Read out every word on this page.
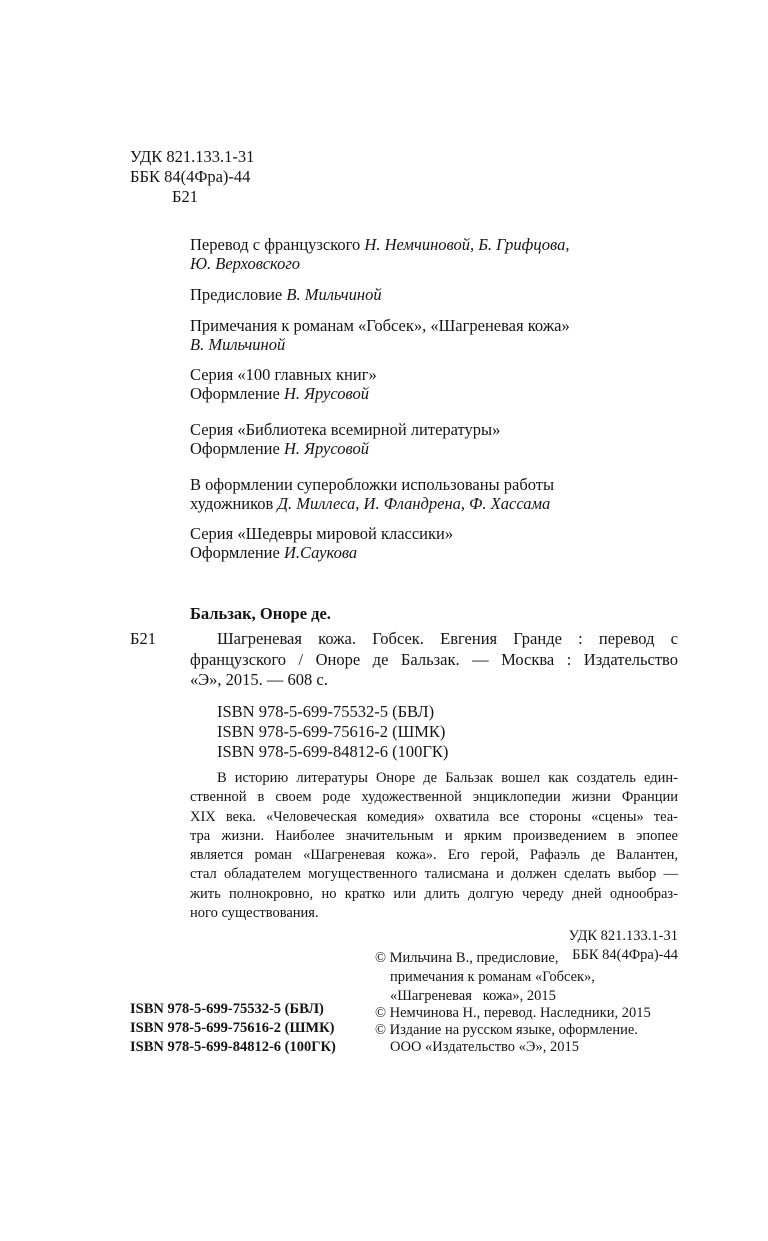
УДК 821.133.1-31
ББК 84(4Фра)-44
Б21
Перевод с французского Н. Немчиновой, Б. Грифцова,
Ю. Верховского
Предисловие В. Мильчиной
Примечания к романам «Гобсек», «Шагреневая кожа»
В. Мильчиной
Серия «100 главных книг»
Оформление Н. Ярусовой
Серия «Библиотека всемирной литературы»
Оформление Н. Ярусовой
В оформлении суперобложки использованы работы
художников Д. Миллеса, И. Фландрена, Ф. Хассама
Серия «Шедевры мировой классики»
Оформление И.Саукова
Бальзак, Оноре де.
Б21	Шагреневая кожа. Гобсек. Евгения Гранде : перевод с
французского / Оноре де Бальзак. — Москва : Издательство
«Э», 2015. — 608 с.
ISBN 978-5-699-75532-5 (БВЛ)
ISBN 978-5-699-75616-2 (ШМК)
ISBN 978-5-699-84812-6 (100ГК)
В историю литературы Оноре де Бальзак вошел как создатель един-
ственной в своем роде художественной энциклопедии жизни Франции
XIX века. «Человеческая комедия» охватила все стороны «сцены» теа-
тра жизни. Наиболее значительным и ярким произведением в эпопее
является роман «Шагреневая кожа». Его герой, Рафаэль де Валантен,
стал обладателем могущественного талисмана и должен сделать выбор —
жить полнокровно, но кратко или длить долгую череду дней однообраз-
ного существования.
УДК 821.133.1-31
ББК 84(4Фра)-44
ISBN 978-5-699-75532-5 (БВЛ)
ISBN 978-5-699-75616-2 (ШМК)
ISBN 978-5-699-84812-6 (100ГК)
© Мильчина В., предисловие,
примечания к романам «Гобсек»,
«Шагреневая   кожа», 2015
© Немчинова Н., перевод. Наследники, 2015
© Издание на русском языке, оформление.
ООО «Издательство «Э», 2015
